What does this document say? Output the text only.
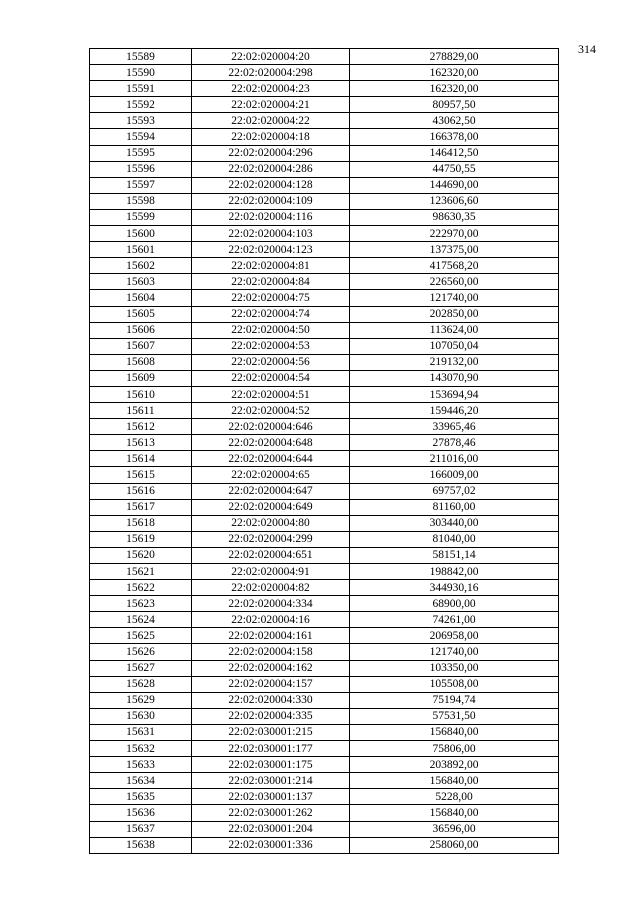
314
15589	22:02:020004:20	278829,00
15590	22:02:020004:298	162320,00
15591	22:02:020004:23	162320,00
15592	22:02:020004:21	80957,50
15593	22:02:020004:22	43062,50
15594	22:02:020004:18	166378,00
15595	22:02:020004:296	146412,50
15596	22:02:020004:286	44750,55
15597	22:02:020004:128	144690,00
15598	22:02:020004:109	123606,60
15599	22:02:020004:116	98630,35
15600	22:02:020004:103	222970,00
15601	22:02:020004:123	137375,00
15602	22:02:020004:81	417568,20
15603	22:02:020004:84	226560,00
15604	22:02:020004:75	121740,00
15605	22:02:020004:74	202850,00
15606	22:02:020004:50	113624,00
15607	22:02:020004:53	107050,04
15608	22:02:020004:56	219132,00
15609	22:02:020004:54	143070,90
15610	22:02:020004:51	153694,94
15611	22:02:020004:52	159446,20
15612	22:02:020004:646	33965,46
15613	22:02:020004:648	27878,46
15614	22:02:020004:644	211016,00
15615	22:02:020004:65	166009,00
15616	22:02:020004:647	69757,02
15617	22:02:020004:649	81160,00
15618	22:02:020004:80	303440,00
15619	22:02:020004:299	81040,00
15620	22:02:020004:651	58151,14
15621	22:02:020004:91	198842,00
15622	22:02:020004:82	344930,16
15623	22:02:020004:334	68900,00
15624	22:02:020004:16	74261,00
15625	22:02:020004:161	206958,00
15626	22:02:020004:158	121740,00
15627	22:02:020004:162	103350,00
15628	22:02:020004:157	105508,00
15629	22:02:020004:330	75194,74
15630	22:02:020004:335	57531,50
15631	22:02:030001:215	156840,00
15632	22:02:030001:177	75806,00
15633	22:02:030001:175	203892,00
15634	22:02:030001:214	156840,00
15635	22:02:030001:137	5228,00
15636	22:02:030001:262	156840,00
15637	22:02:030001:204	36596,00
15638	22:02:030001:336	258060,00
